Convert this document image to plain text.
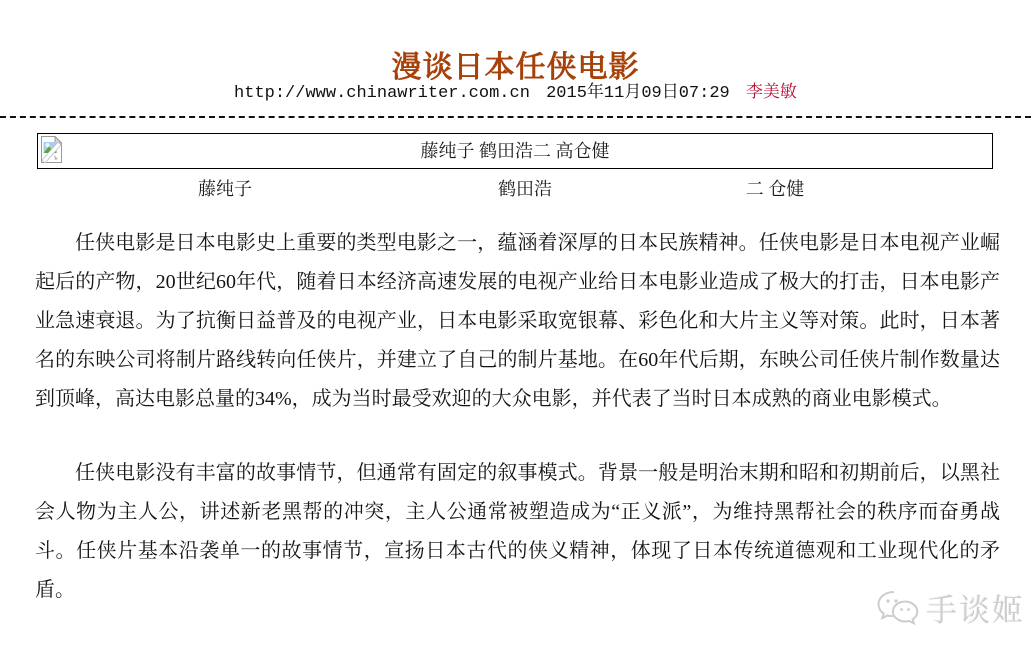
漫谈日本任侠电影
http://www.chinawriter.com.cn 2015年11月09日07:29 李美敏
藤纯子 鹤田浩二 高仓健
藤纯子	鹤田浩	二 仓健

任侠电影是日本电影史上重要的类型电影之一，蕴涵着深厚的日本民族精神。任侠电影是日本电视产业崛起后的产物，20世纪60年代，随着日本经济高速发展的电视产业给日本电影业造成了极大的打击，日本电影产业急速衰退。为了抗衡日益普及的电视产业，日本电影采取宽银幕、彩色化和大片主义等对策。此时，日本著名的东映公司将制片路线转向任侠片，并建立了自己的制片基地。在60年代后期，东映公司任侠片制作数量达到顶峰，高达电影总量的34%，成为当时最受欢迎的大众电影，并代表了当时日本成熟的商业电影模式。

任侠电影没有丰富的故事情节，但通常有固定的叙事模式。背景一般是明治末期和昭和初期前后，以黑社会人物为主人公，讲述新老黑帮的冲突，主人公通常被塑造成为“正义派”，为维持黑帮社会的秩序而奋勇战斗。任侠片基本沿袭单一的故事情节，宣扬日本古代的侠义精神，体现了日本传统道德观和工业现代化的矛盾。

手谈姬
